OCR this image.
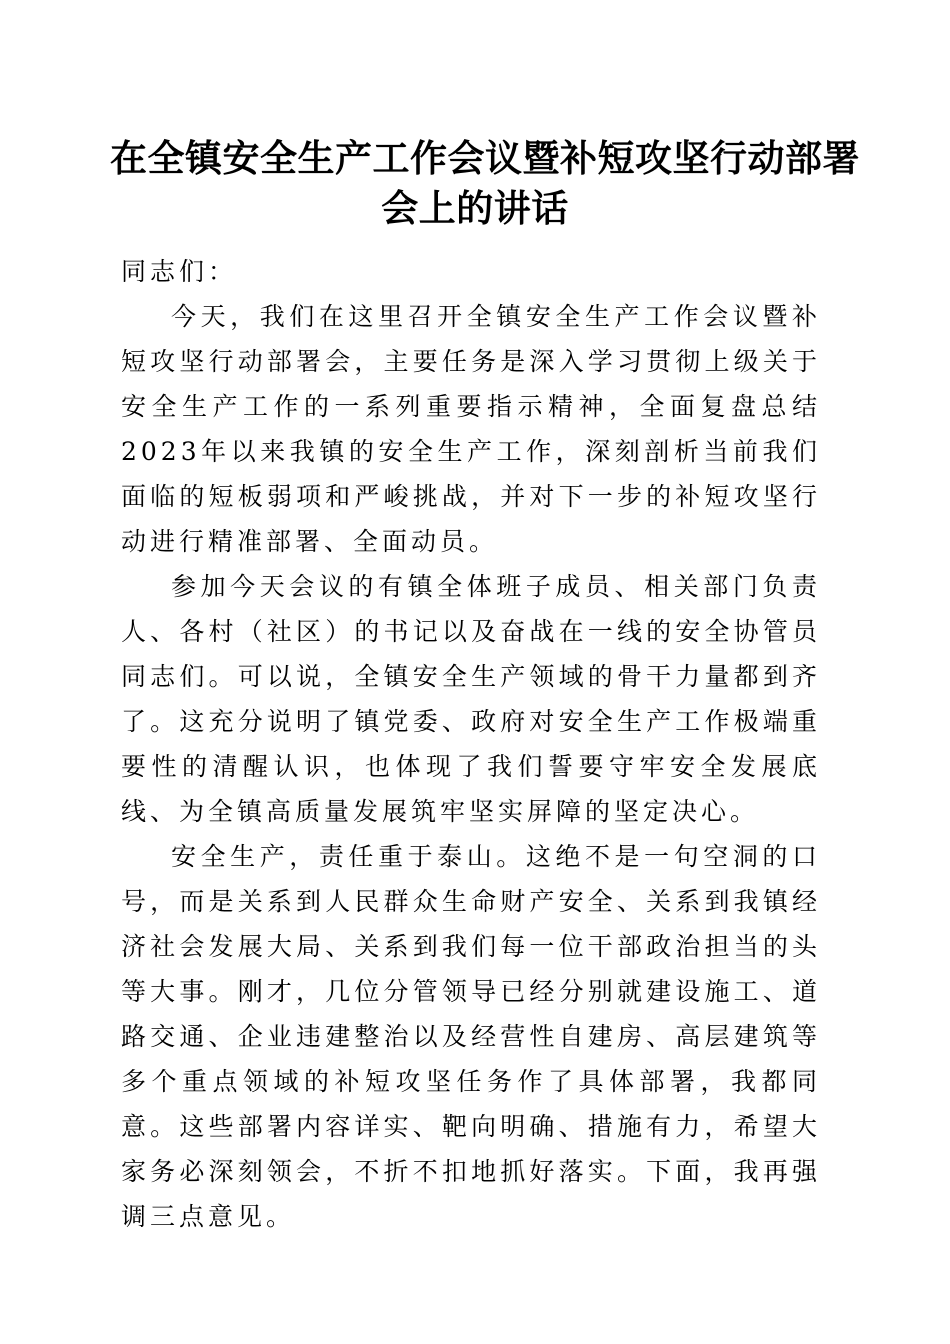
在全镇安全生产工作会议暨补短攻坚行动部署
会上的讲话

同志们：

今天，我们在这里召开全镇安全生产工作会议暨补短攻坚行动部署会，主要任务是深入学习贯彻上级关于安全生产工作的一系列重要指示精神，全面复盘总结2023年以来我镇的安全生产工作，深刻剖析当前我们面临的短板弱项和严峻挑战，并对下一步的补短攻坚行动进行精准部署、全面动员。

参加今天会议的有镇全体班子成员、相关部门负责人、各村（社区）的书记以及奋战在一线的安全协管员同志们。可以说，全镇安全生产领域的骨干力量都到齐了。这充分说明了镇党委、政府对安全生产工作极端重要性的清醒认识，也体现了我们誓要守牢安全发展底线、为全镇高质量发展筑牢坚实屏障的坚定决心。

安全生产，责任重于泰山。这绝不是一句空洞的口号，而是关系到人民群众生命财产安全、关系到我镇经济社会发展大局、关系到我们每一位干部政治担当的头等大事。刚才，几位分管领导已经分别就建设施工、道路交通、企业违建整治以及经营性自建房、高层建筑等多个重点领域的补短攻坚任务作了具体部署，我都同意。这些部署内容详实、靶向明确、措施有力，希望大家务必深刻领会，不折不扣地抓好落实。下面，我再强调三点意见。
